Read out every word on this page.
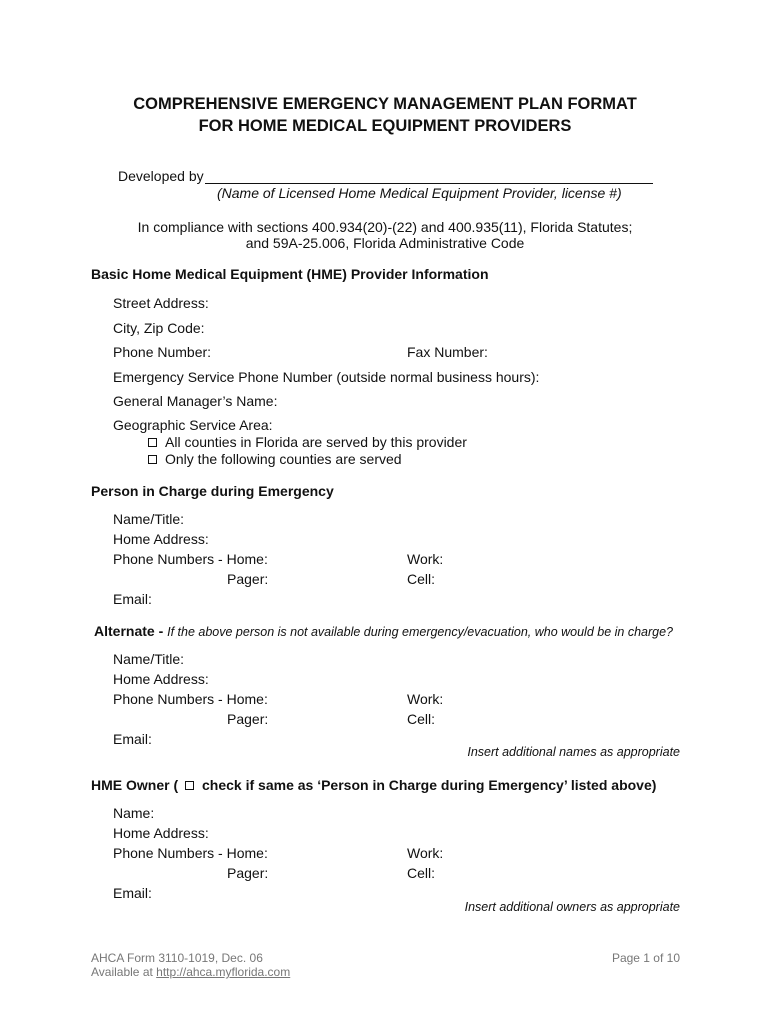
COMPREHENSIVE EMERGENCY MANAGEMENT PLAN FORMAT
FOR HOME MEDICAL EQUIPMENT PROVIDERS
Developed by
(Name of Licensed Home Medical Equipment Provider, license #)
In compliance with sections 400.934(20)-(22) and 400.935(11), Florida Statutes;
and 59A-25.006, Florida Administrative Code
Basic Home Medical Equipment (HME) Provider Information
Street Address:
City, Zip Code:
Phone Number:	Fax Number:
Emergency Service Phone Number (outside normal business hours):
General Manager’s Name:
Geographic Service Area:
All counties in Florida are served by this provider
Only the following counties are served
Person in Charge during Emergency
Name/Title:
Home Address:
Phone Numbers - Home:	Work:
Pager:	Cell:
Email:
Alternate - If the above person is not available during emergency/evacuation, who would be in charge?
Name/Title:
Home Address:
Phone Numbers - Home:	Work:
Pager:	Cell:
Email:
Insert additional names as appropriate
HME Owner ( check if same as ‘Person in Charge during Emergency’ listed above)
Name:
Home Address:
Phone Numbers - Home:	Work:
Pager:	Cell:
Email:
Insert additional owners as appropriate
AHCA Form 3110-1019, Dec. 06
Available at http://ahca.myflorida.com
Page 1 of 10
